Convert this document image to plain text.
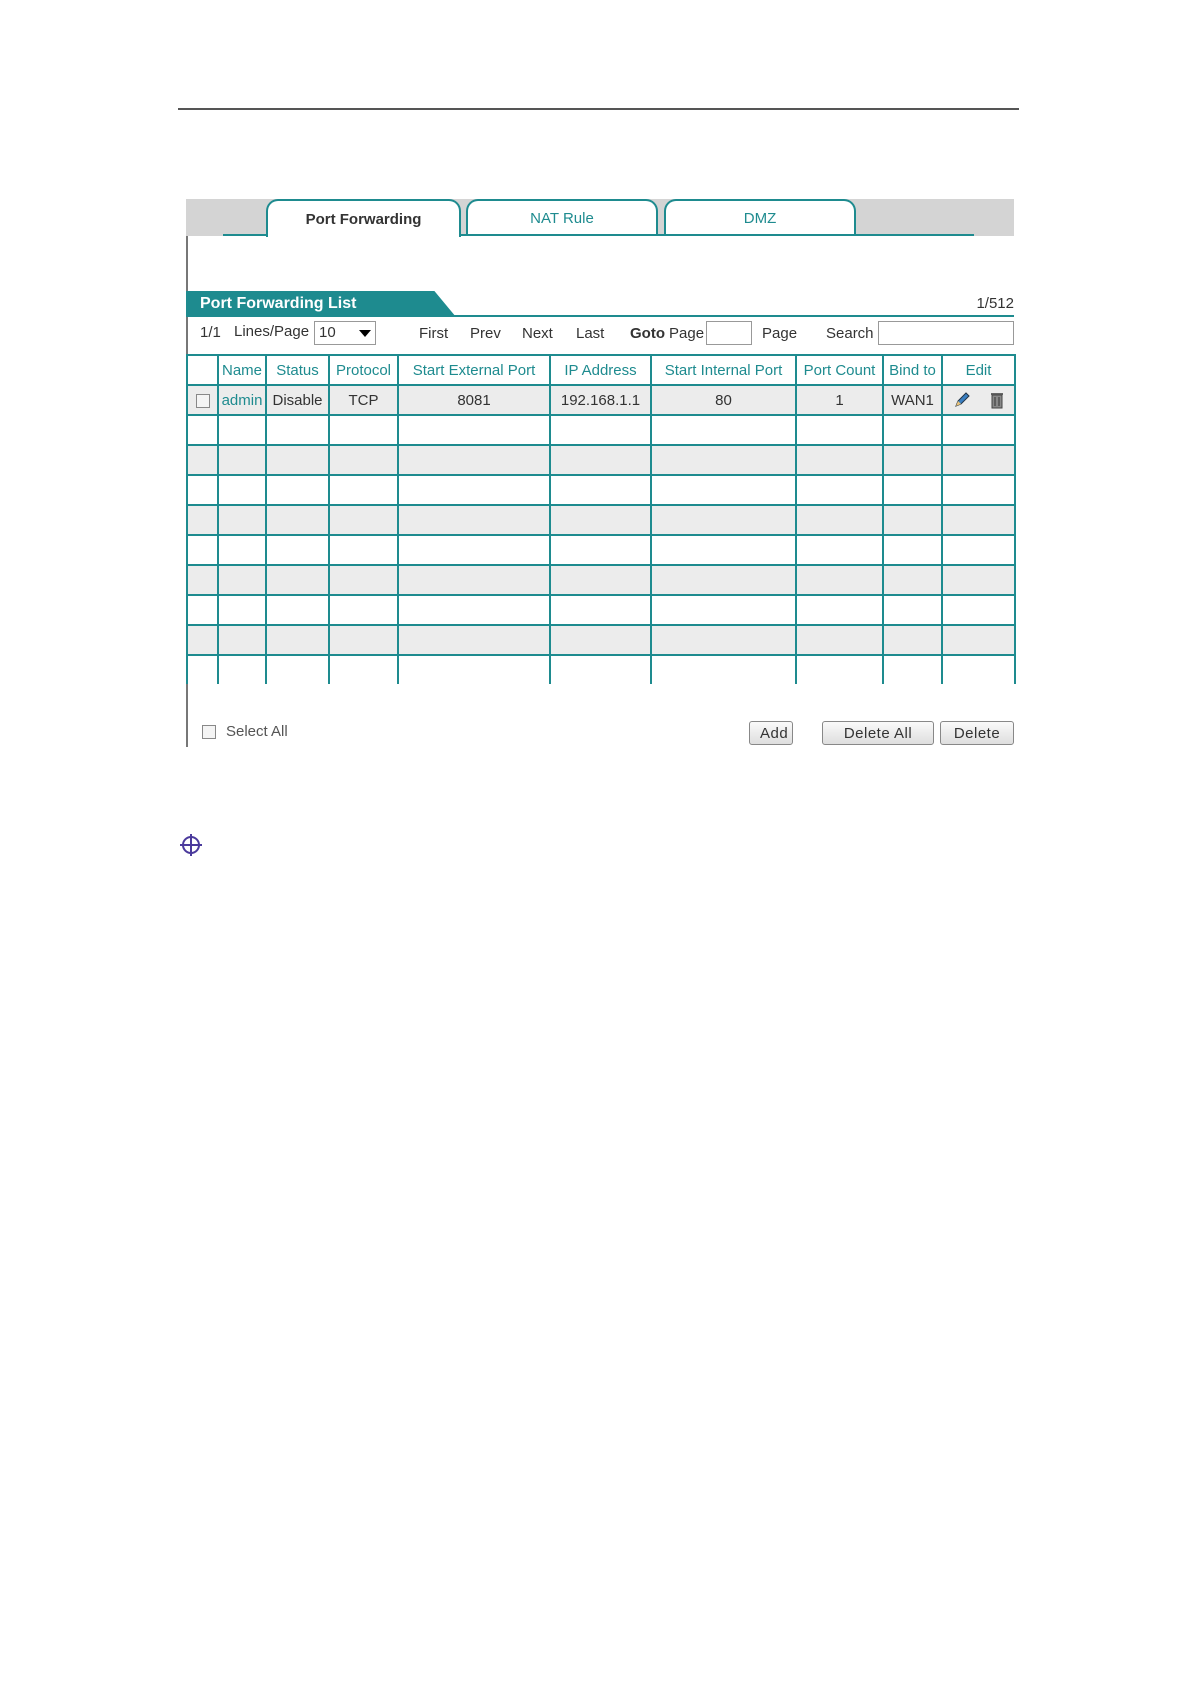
Port Forwarding	NAT Rule	DMZ
Port Forwarding List	1/512
1/1 Lines/Page 10	First Prev Next Last Goto Page	Page Search
	Name	Status	Protocol	Start External Port	IP Address	Start Internal Port	Port Count	Bind to	Edit
	admin	Disable	TCP	8081	192.168.1.1	80	1	WAN1	

Select All	Add	Delete All	Delete
